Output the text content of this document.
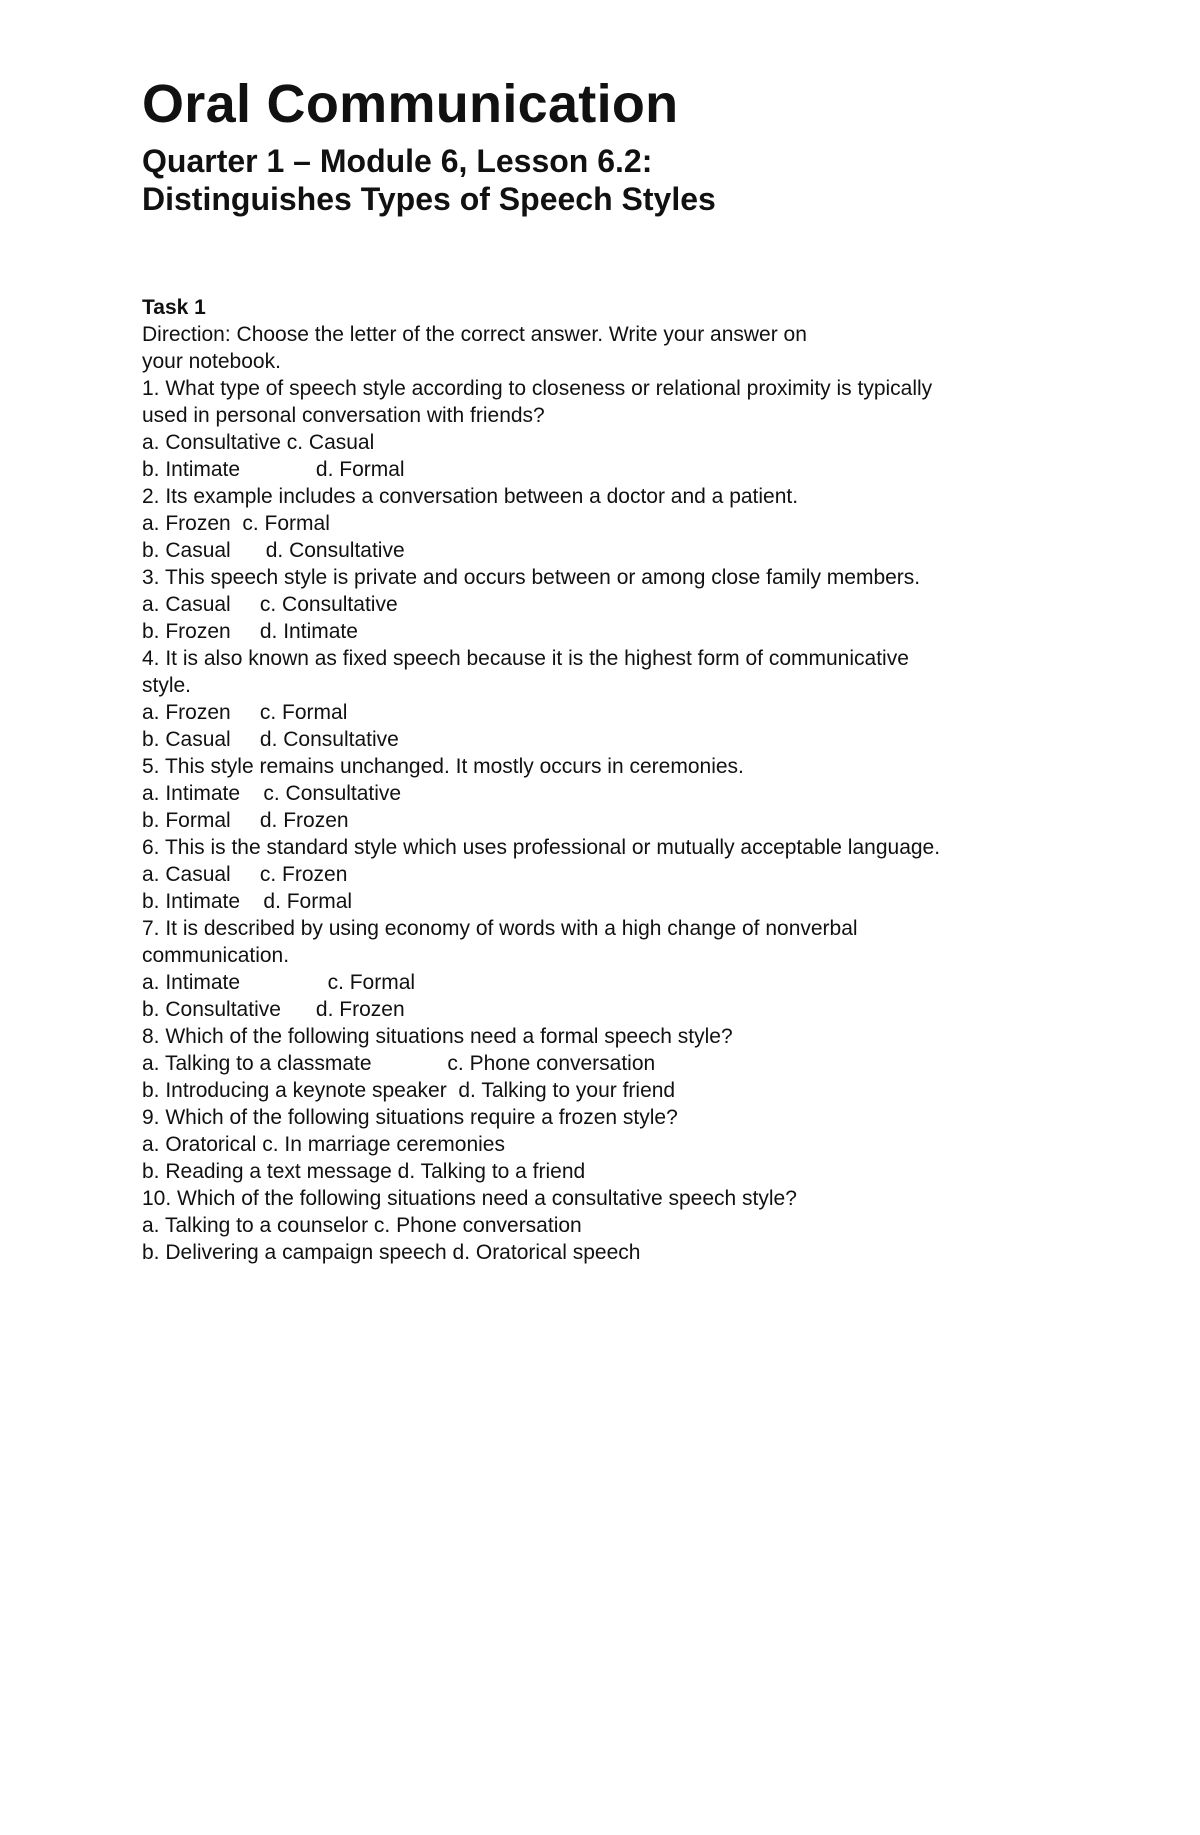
Oral Communication
Quarter 1 – Module 6, Lesson 6.2:
Distinguishes Types of Speech Styles
Task 1
Direction: Choose the letter of the correct answer. Write your answer on
your notebook.
1. What type of speech style according to closeness or relational proximity is typically
used in personal conversation with friends?
a. Consultative c. Casual
b. Intimate             d. Formal
2. Its example includes a conversation between a doctor and a patient.
a. Frozen  c. Formal
b. Casual      d. Consultative
3. This speech style is private and occurs between or among close family members.
a. Casual     c. Consultative
b. Frozen     d. Intimate
4. It is also known as fixed speech because it is the highest form of communicative
style.
a. Frozen     c. Formal
b. Casual     d. Consultative
5. This style remains unchanged. It mostly occurs in ceremonies.
a. Intimate    c. Consultative
b. Formal     d. Frozen
6. This is the standard style which uses professional or mutually acceptable language.
a. Casual     c. Frozen
b. Intimate    d. Formal
7. It is described by using economy of words with a high change of nonverbal
communication.
a. Intimate               c. Formal
b. Consultative      d. Frozen
8. Which of the following situations need a formal speech style?
a. Talking to a classmate             c. Phone conversation
b. Introducing a keynote speaker  d. Talking to your friend
9. Which of the following situations require a frozen style?
a. Oratorical c. In marriage ceremonies
b. Reading a text message d. Talking to a friend
10. Which of the following situations need a consultative speech style?
a. Talking to a counselor c. Phone conversation
b. Delivering a campaign speech d. Oratorical speech
